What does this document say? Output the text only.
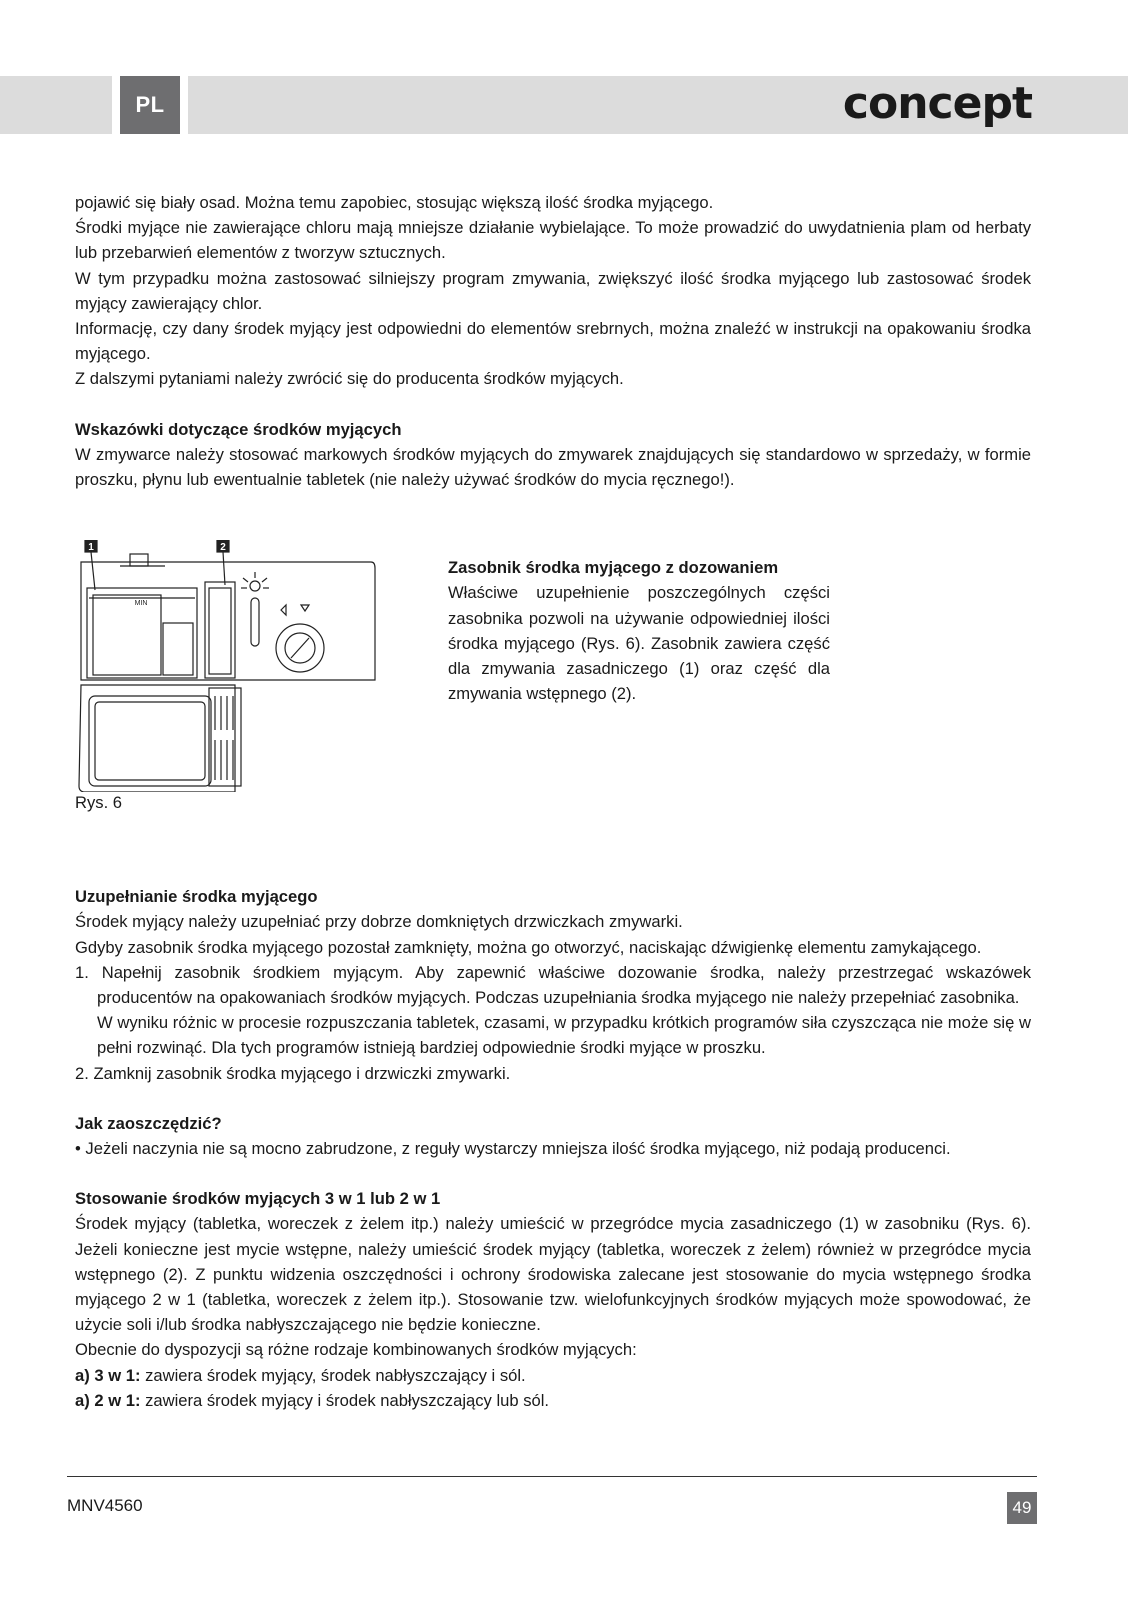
PL	concept

pojawić się biały osad. Można temu zapobiec, stosując większą ilość środka myjącego.

Środki myjące nie zawierające chloru mają mniejsze działanie wybielające. To może prowadzić do uwydatnienia plam od herbaty lub przebarwień elementów z tworzyw sztucznych.

W tym przypadku można zastosować silniejszy program zmywania, zwiększyć ilość środka myjącego lub zastosować środek myjący zawierający chlor.

Informację, czy dany środek myjący jest odpowiedni do elementów srebrnych, można znaleźć w instrukcji na opakowaniu środka myjącego.

Z dalszymi pytaniami należy zwrócić się do producenta środków myjących.

Wskazówki dotyczące środków myjących

W zmywarce należy stosować markowych środków myjących do zmywarek znajdujących się standardowo w sprzedaży, w formie proszku, płynu lub ewentualnie tabletek (nie należy używać środków do mycia ręcznego!).

1	2
MIN
Rys. 6

Zasobnik środka myjącego z dozowaniem

Właściwe uzupełnienie poszczególnych części zasobnika pozwoli na używanie odpowiedniej ilości środka myjącego (Rys. 6). Zasobnik zawiera część dla zmywania zasadniczego (1) oraz część dla zmywania wstępnego (2).

Uzupełnianie środka myjącego

Środek myjący należy uzupełniać przy dobrze domkniętych drzwiczkach zmywarki.

Gdyby zasobnik środka myjącego pozostał zamknięty, można go otworzyć, naciskając dźwigienkę elementu zamykającego.

1. Napełnij zasobnik środkiem myjącym. Aby zapewnić właściwe dozowanie środka, należy przestrzegać wskazówek producentów na opakowaniach środków myjących. Podczas uzupełniania środka myjącego nie należy przepełniać zasobnika.

W wyniku różnic w procesie rozpuszczania tabletek, czasami, w przypadku krótkich programów siła czyszcząca nie może się w pełni rozwinąć. Dla tych programów istnieją bardziej odpowiednie środki myjące w proszku.

2. Zamknij zasobnik środka myjącego i drzwiczki zmywarki.

Jak zaoszczędzić?

• Jeżeli naczynia nie są mocno zabrudzone, z reguły wystarczy mniejsza ilość środka myjącego, niż podają producenci.

Stosowanie środków myjących 3 w 1 lub 2 w 1

Środek myjący (tabletka, woreczek z żelem itp.) należy umieścić w przegródce mycia zasadniczego (1) w zasobniku (Rys. 6). Jeżeli konieczne jest mycie wstępne, należy umieścić środek myjący (tabletka, woreczek z żelem) również w przegródce mycia wstępnego (2). Z punktu widzenia oszczędności i ochrony środowiska zalecane jest stosowanie do mycia wstępnego środka myjącego 2 w 1 (tabletka, woreczek z żelem itp.). Stosowanie tzw. wielofunkcyjnych środków myjących może spowodować, że użycie soli i/lub środka nabłyszczającego nie będzie konieczne.

Obecnie do dyspozycji są różne rodzaje kombinowanych środków myjących:

a) 3 w 1: zawiera środek myjący, środek nabłyszczający i sól.

a) 2 w 1: zawiera środek myjący i środek nabłyszczający lub sól.

MNV4560	49
